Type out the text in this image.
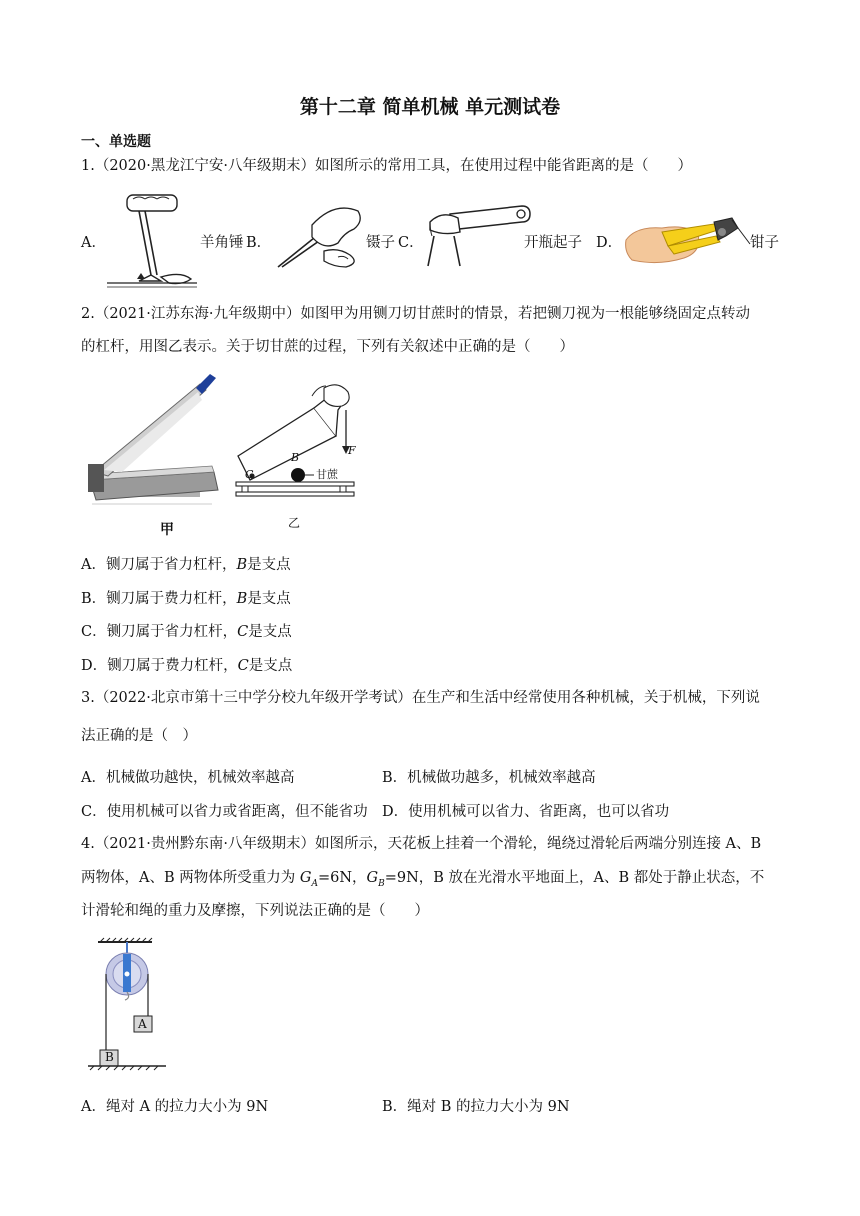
第十二章 简单机械 单元测试卷
一、单选题
1.（2020·黑龙江宁安·八年级期末）如图所示的常用工具，在使用过程中能省距离的是（　　）
A．	羊角锤 B．	镊子 C．	开瓶起子 D．	钳子
2.（2021·江苏东海·九年级期中）如图甲为用铡刀切甘蔗时的情景，若把铡刀视为一根能够绕固定点转动
的杠杆，用图乙表示。关于切甘蔗的过程，下列有关叙述中正确的是（　　）
甲
C
B
甘蔗
F
乙
A．铡刀属于省力杠杆，B是支点
B．铡刀属于费力杠杆，B是支点
C．铡刀属于省力杠杆，C是支点
D．铡刀属于费力杠杆，C是支点
3.（2022·北京市第十三中学分校九年级开学考试）在生产和生活中经常使用各种机械，关于机械，下列说
法正确的是（　）
A．机械做功越快，机械效率越高	B．机械做功越多，机械效率越高
C．使用机械可以省力或省距离，但不能省功 D．使用机械可以省力、省距离，也可以省功
4.（2021·贵州黔东南·八年级期末）如图所示，天花板上挂着一个滑轮，绳绕过滑轮后两端分别连接 A、B
两物体，A、B 两物体所受重力为 $G_A=6N$，$G_B=9N$，B 放在光滑水平地面上，A、B 都处于静止状态，不
计滑轮和绳的重力及摩擦，下列说法正确的是（　　）
A
B
A．绳对 A 的拉力大小为 9N	B．绳对 B 的拉力大小为 9N
